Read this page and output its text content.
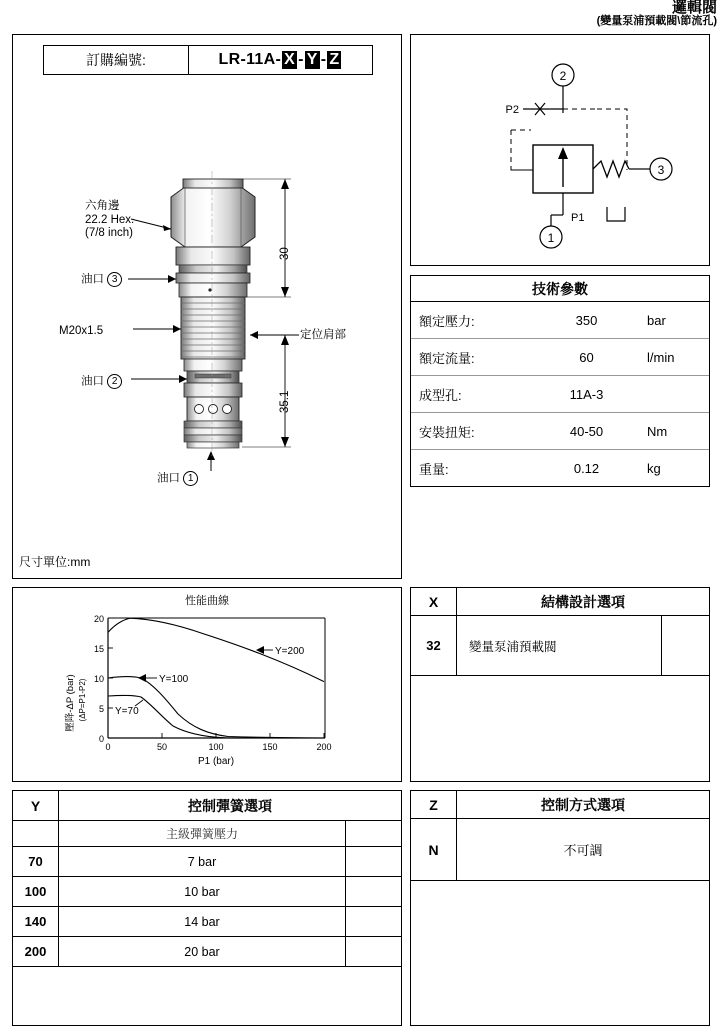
邏輯閥
(變量泵浦預載閥\節流孔)
訂購編號:	LR-11A- X - Y - Z
六角邊
22.2 Hex.
(7/8 inch)
油口 3
M20x1.5
油口 2
油口 1
定位肩部
30
35.1
尺寸單位:mm
2
P2
3
P1
1
技術參數
額定壓力:	350	bar
額定流量:	60	l/min
成型孔:	11A-3
安裝扭矩:	40-50	Nm
重量:	0.12	kg
性能曲線
0
5
10
15
20
0	50	100	150	200
P1 (bar)
壓降-ΔP (bar) (ΔP=P1-P2)
Y=200
Y=100
Y=70
X	結構設計選項
32	變量泵浦預載閥
Y	控制彈簧選項
主級彈簧壓力
70	7 bar
100	10 bar
140	14 bar
200	20 bar
Z	控制方式選項
N	不可調
